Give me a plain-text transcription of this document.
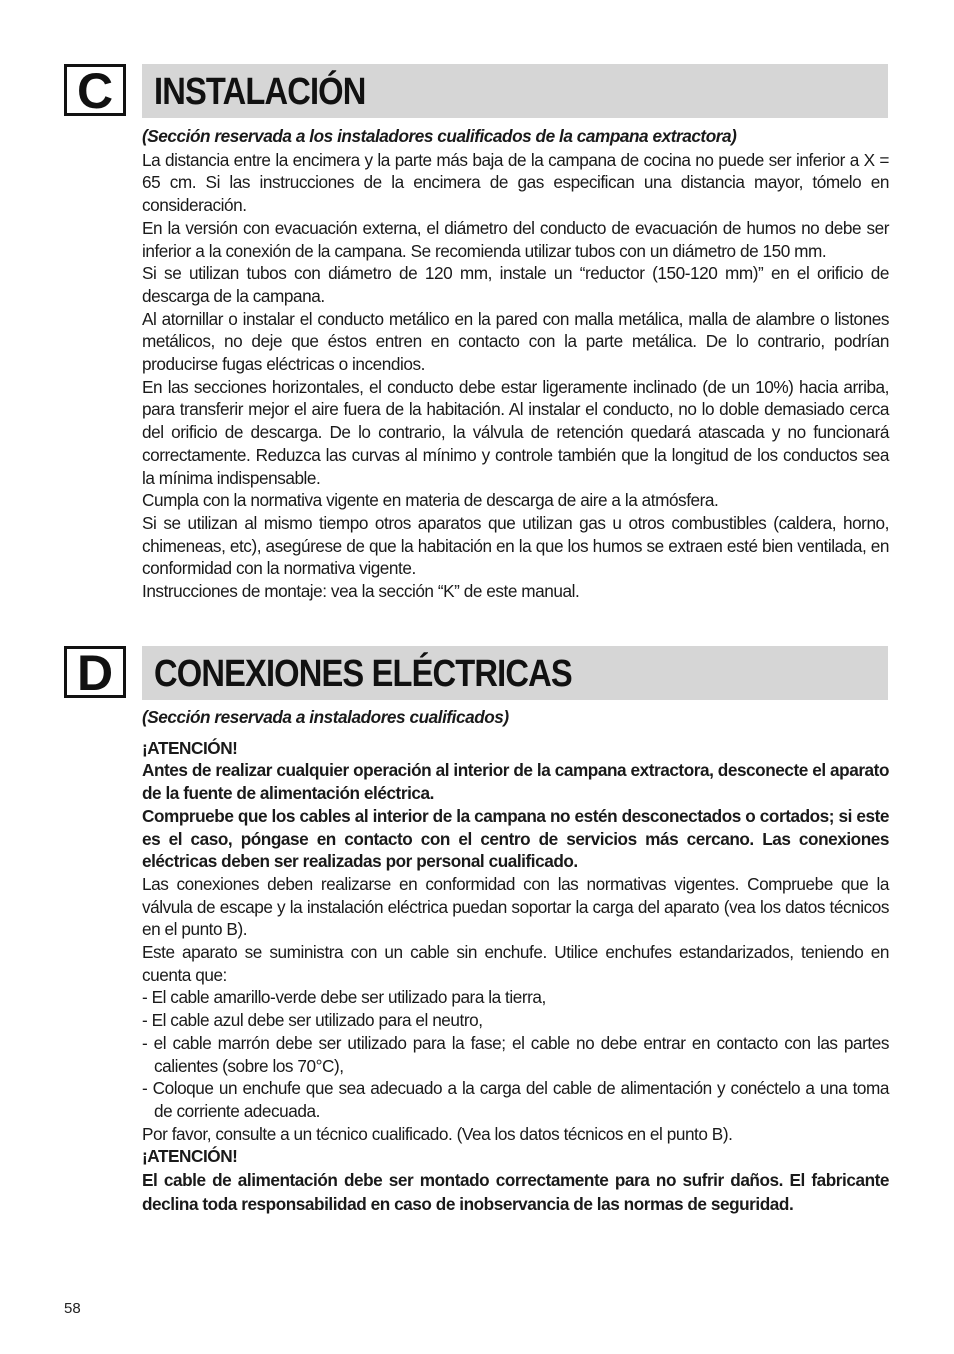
C	INSTALACIÓN

(Sección reservada a los instaladores cualificados de la campana extractora)

La distancia entre la encimera y la parte más baja de la campana de cocina no puede ser inferior a X = 65 cm. Si las instrucciones de la encimera de gas especifican una distancia mayor, tómelo en consideración.

En la versión con evacuación externa, el diámetro del conducto de evacuación de humos no debe ser inferior a la conexión de la campana. Se recomienda utilizar tubos con un diámetro de 150 mm.

Si se utilizan tubos con diámetro de 120 mm, instale un “reductor (150-120 mm)” en el orificio de descarga de la campana.

Al atornillar o instalar el conducto metálico en la pared con malla metálica, malla de alambre o listones metálicos, no deje que éstos entren en contacto con la parte metálica. De lo contrario, podrían producirse fugas eléctricas o incendios.

En las secciones horizontales, el conducto debe estar ligeramente inclinado (de un 10%) hacia arriba, para transferir mejor el aire fuera de la habitación. Al instalar el conducto, no lo doble demasiado cerca del orificio de descarga. De lo contrario, la válvula de retención quedará atascada y no funcionará correctamente. Reduzca las curvas al mínimo y controle también que la longitud de los conductos sea la mínima indispensable.

Cumpla con la normativa vigente en materia de descarga de aire a la atmósfera.

Si se utilizan al mismo tiempo otros aparatos que utilizan gas u otros combustibles (caldera, horno, chimeneas, etc), asegúrese de que la habitación en la que los humos se extraen esté bien ventilada, en conformidad con la normativa vigente.

Instrucciones de montaje: vea la sección “K” de este manual.

D	CONEXIONES ELÉCTRICAS

(Sección reservada a instaladores cualificados)

¡ATENCIÓN!

Antes de realizar cualquier operación al interior de la campana extractora, desconecte el aparato de la fuente de alimentación eléctrica.

Compruebe que los cables al interior de la campana no estén desconectados o cortados; si este es el caso, póngase en contacto con el centro de servicios más cercano. Las conexiones eléctricas deben ser realizadas por personal cualificado.

Las conexiones deben realizarse en conformidad con las normativas vigentes. Compruebe que la válvula de escape y la instalación eléctrica puedan soportar la carga del aparato (vea los datos técnicos en el punto B).

Este aparato se suministra con un cable sin enchufe. Utilice enchufes estandarizados, teniendo en cuenta que:

- El cable amarillo-verde debe ser utilizado para la tierra,
- El cable azul debe ser utilizado para el neutro,
- el cable marrón debe ser utilizado para la fase; el cable no debe entrar en contacto con las partes calientes (sobre los 70°C),
- Coloque un enchufe que sea adecuado a la carga del cable de alimentación y conéctelo a una toma de corriente adecuada.

Por favor, consulte a un técnico cualificado. (Vea los datos técnicos en el punto B).

¡ATENCIÓN!

El cable de alimentación debe ser montado correctamente para no sufrir daños. El fabricante declina toda responsabilidad en caso de inobservancia de las normas de seguridad.

58
